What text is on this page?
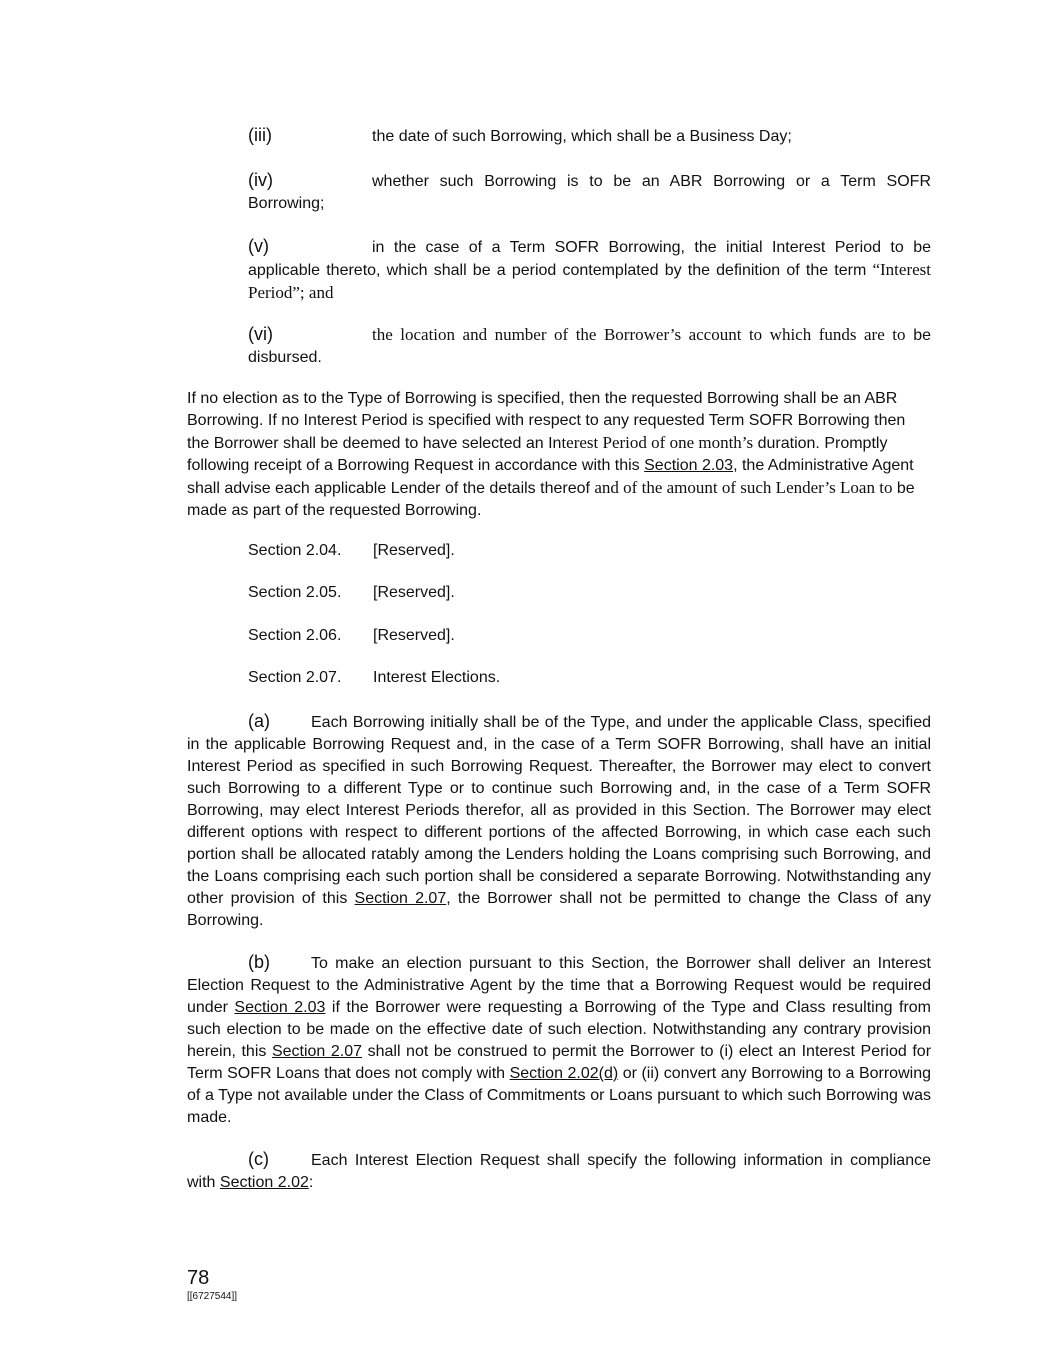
(iii)	the date of such Borrowing, which shall be a Business Day;

(iv)	whether such Borrowing is to be an ABR Borrowing or a Term SOFR Borrowing;

(v)	in the case of a Term SOFR Borrowing, the initial Interest Period to be applicable thereto, which shall be a period contemplated by the definition of the term “Interest Period”; and

(vi)	the location and number of the Borrower’s account to which funds are to be disbursed.

If no election as to the Type of Borrowing is specified, then the requested Borrowing shall be an ABR Borrowing. If no Interest Period is specified with respect to any requested Term SOFR Borrowing then the Borrower shall be deemed to have selected an Interest Period of one month’s duration. Promptly following receipt of a Borrowing Request in accordance with this Section 2.03, the Administrative Agent shall advise each applicable Lender of the details thereof and of the amount of such Lender’s Loan to be made as part of the requested Borrowing.

Section 2.04. [Reserved].
Section 2.05. [Reserved].
Section 2.06. [Reserved].
Section 2.07. Interest Elections.

(a)	Each Borrowing initially shall be of the Type, and under the applicable Class, specified in the applicable Borrowing Request and, in the case of a Term SOFR Borrowing, shall have an initial Interest Period as specified in such Borrowing Request. Thereafter, the Borrower may elect to convert such Borrowing to a different Type or to continue such Borrowing and, in the case of a Term SOFR Borrowing, may elect Interest Periods therefor, all as provided in this Section. The Borrower may elect different options with respect to different portions of the affected Borrowing, in which case each such portion shall be allocated ratably among the Lenders holding the Loans comprising such Borrowing, and the Loans comprising each such portion shall be considered a separate Borrowing. Notwithstanding any other provision of this Section 2.07, the Borrower shall not be permitted to change the Class of any Borrowing.

(b)	To make an election pursuant to this Section, the Borrower shall deliver an Interest Election Request to the Administrative Agent by the time that a Borrowing Request would be required under Section 2.03 if the Borrower were requesting a Borrowing of the Type and Class resulting from such election to be made on the effective date of such election. Notwithstanding any contrary provision herein, this Section 2.07 shall not be construed to permit the Borrower to (i) elect an Interest Period for Term SOFR Loans that does not comply with Section 2.02(d) or (ii) convert any Borrowing to a Borrowing of a Type not available under the Class of Commitments or Loans pursuant to which such Borrowing was made.

(c)	Each Interest Election Request shall specify the following information in compliance with Section 2.02:

78
[[6727544]]
